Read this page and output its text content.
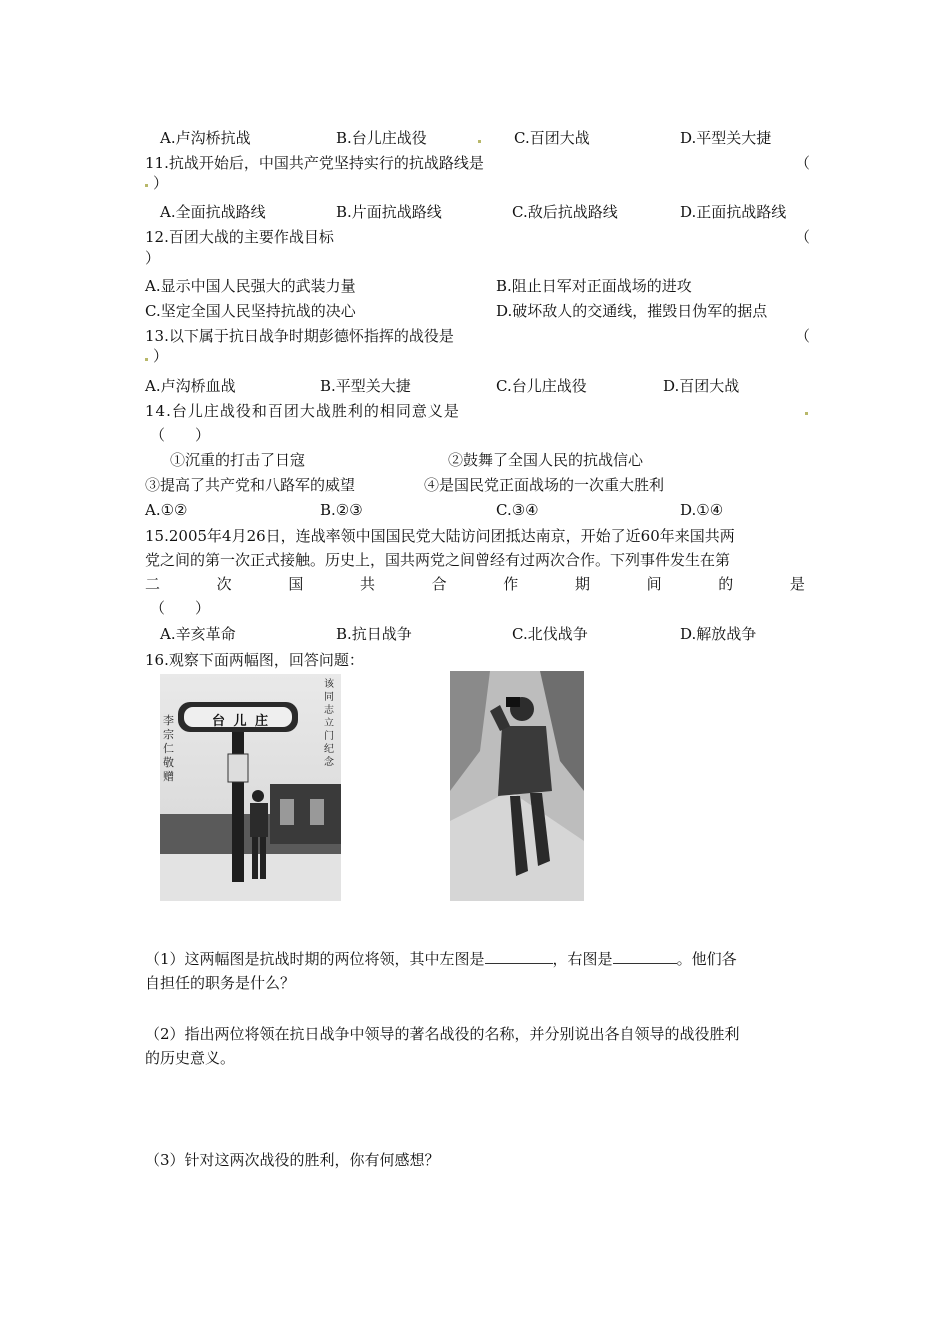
A.卢沟桥抗战	B.台儿庄战役	C.百团大战	D.平型关大捷
11.抗战开始后，中国共产党坚持实行的抗战路线是	（
）
A.全面抗战路线	B.片面抗战路线	C.敌后抗战路线	D.正面抗战路线
12.百团大战的主要作战目标	（
）
A.显示中国人民强大的武装力量	B.阻止日军对正面战场的进攻
C.坚定全国人民坚持抗战的决心	D.破坏敌人的交通线，摧毁日伪军的据点
13.以下属于抗日战争时期彭德怀指挥的战役是	（
）
A.卢沟桥血战	B.平型关大捷	C.台儿庄战役	D.百团大战
14.台儿庄战役和百团大战胜利的相同意义是
（　　）
①沉重的打击了日寇	②鼓舞了全国人民的抗战信心
③提高了共产党和八路军的威望	④是国民党正面战场的一次重大胜利
A.①②	B.②③	C.③④	D.①④
15.2005年4月26日，连战率领中国国民党大陆访问团抵达南京，开始了近60年来国共两
党之间的第一次正式接触。历史上，国共两党之间曾经有过两次合作。下列事件发生在第
二	次	国	共	合	作	期	间	的	是
（　　）
A.辛亥革命	B.抗日战争	C.北伐战争	D.解放战争
16.观察下面两幅图，回答问题：
台 儿 庄
李宗仁敬赠
该同志立门纪念
（1）这两幅图是抗战时期的两位将领，其中左图是	，右图是	。他们各
自担任的职务是什么？
（2）指出两位将领在抗日战争中领导的著名战役的名称，并分别说出各自领导的战役胜利
的历史意义。
（3）针对这两次战役的胜利，你有何感想？
